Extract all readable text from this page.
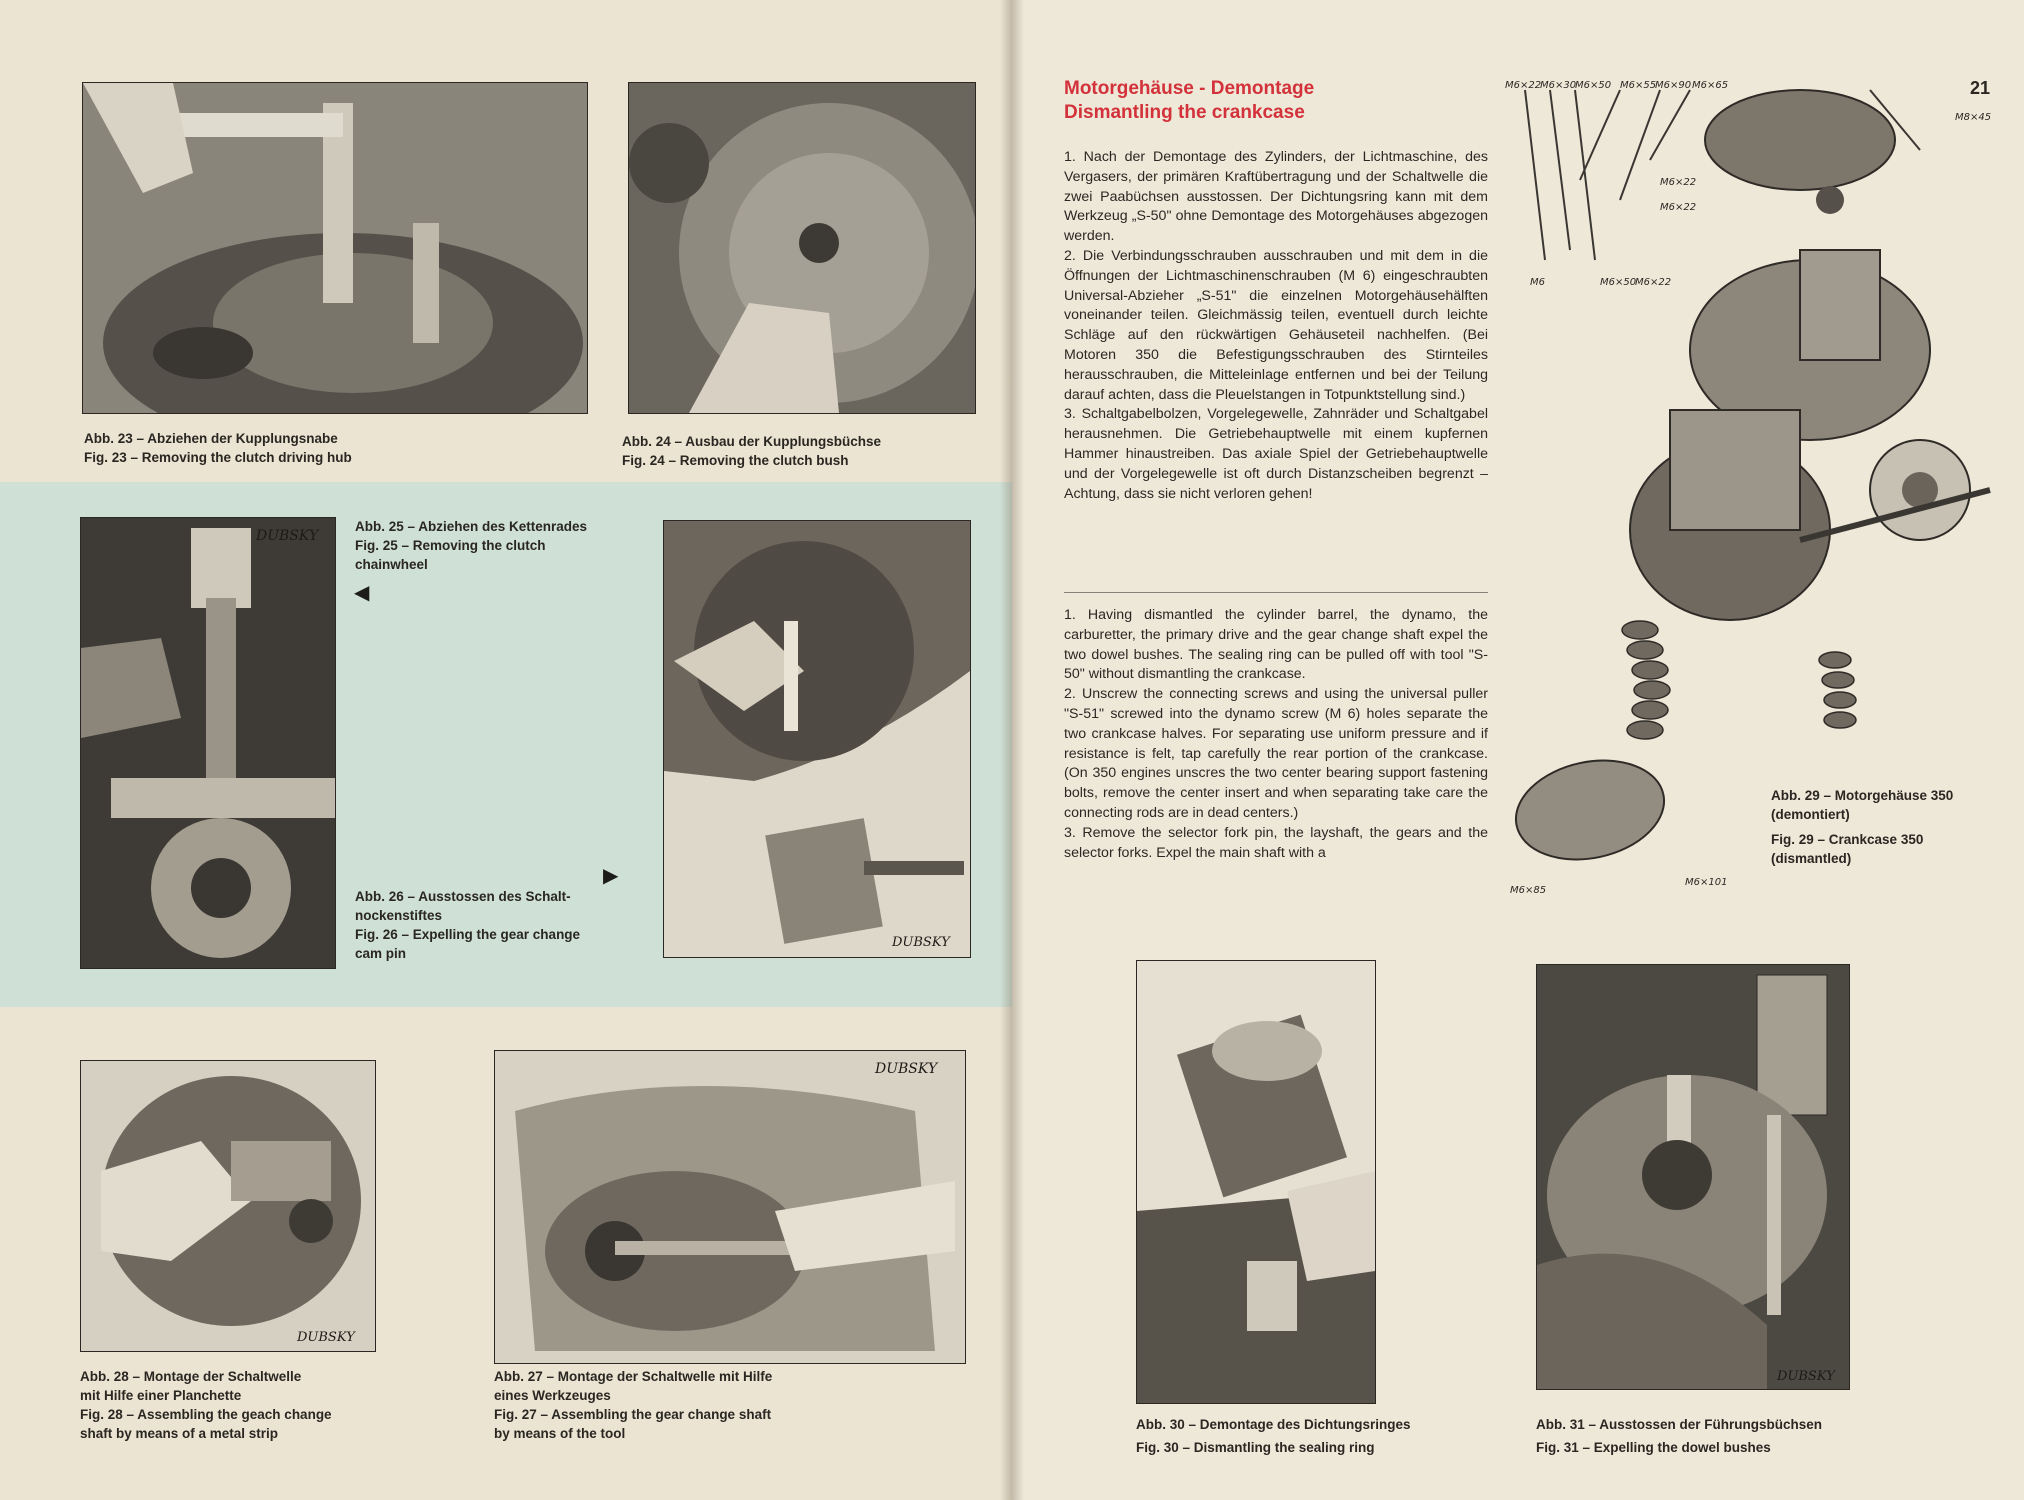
DUBSKY
DUBSKY
DUBSKY
DUBSKY
Abb. 23 – Abziehen der Kupplungsnabe
Fig. 23 – Removing the clutch driving hub
Abb. 24 – Ausbau der Kupplungsbüchse
Fig. 24 – Removing the clutch bush
Abb. 25 – Abziehen des Kettenrades
Fig. 25 – Removing the clutch
chainwheel
◀
▶
Abb. 26 – Ausstossen des Schalt-
nockenstiftes
Fig. 26 – Expelling the gear change
cam pin
Abb. 28 – Montage der Schaltwelle
mit Hilfe einer Planchette
Fig. 28 – Assembling the geach change
shaft by means of a metal strip
Abb. 27 – Montage der Schaltwelle mit Hilfe
eines Werkzeuges
Fig. 27 – Assembling the gear change shaft
by means of the tool
Motorgehäuse - Demontage
Dismantling the crankcase
21

1. Nach der Demontage des Zylinders, der Lichtmaschine, des Vergasers, der primären Kraftübertragung und der Schaltwelle die zwei Paabüchsen ausstossen. Der Dichtungsring kann mit dem Werkzeug „S-50" ohne Demontage des Motorgehäuses abgezogen werden.

2. Die Verbindungsschrauben ausschrauben und mit dem in die Öffnungen der Lichtmaschinenschrauben (M 6) eingeschraubten Universal-Abzieher „S-51" die einzelnen Motorgehäusehälften voneinander teilen. Gleichmässig teilen, eventuell durch leichte Schläge auf den rückwärtigen Gehäuseteil nachhelfen. (Bei Motoren 350 die Befestigungsschrauben des Stirnteiles herausschrauben, die Mitteleinlage entfernen und bei der Teilung darauf achten, dass die Pleuelstangen in Totpunktstellung sind.)

3. Schaltgabelbolzen, Vorgelegewelle, Zahnräder und Schaltgabel herausnehmen. Die Getriebehauptwelle mit einem kupfernen Hammer hinaustreiben. Das axiale Spiel der Getriebehauptwelle und der Vorgelegewelle ist oft durch Distanzscheiben begrenzt – Achtung, dass sie nicht verloren gehen!

1. Having dismantled the cylinder barrel, the dynamo, the carburetter, the primary drive and the gear change shaft expel the two dowel bushes. The sealing ring can be pulled off with tool "S-50" without dismantling the crankcase.

2. Unscrew the connecting screws and using the universal puller "S-51" screwed into the dynamo screw (M 6) holes separate the two crankcase halves. For separating use uniform pressure and if resistance is felt, tap carefully the rear portion of the crankcase. (On 350 engines unscres the two center bearing support fastening bolts, remove the center insert and when separating take care the connecting rods are in dead centers.)

3. Remove the selector fork pin, the layshaft, the gears and the selector forks. Expel the main shaft with a

M6×22
M6×30
M6×50 M6×55
M6×90 M6×65
M8×45
M6×22
M6×22
M6	M6×50
M6×22
M6×85
M6×101
Abb. 29 – Motorgehäuse 350
(demontiert)
Fig. 29 – Crankcase 350
(dismantled)
DUBSKY
Abb. 30 – Demontage des Dichtungsringes
Fig. 30 – Dismantling the sealing ring
Abb. 31 – Ausstossen der Führungsbüchsen
Fig. 31 – Expelling the dowel bushes
